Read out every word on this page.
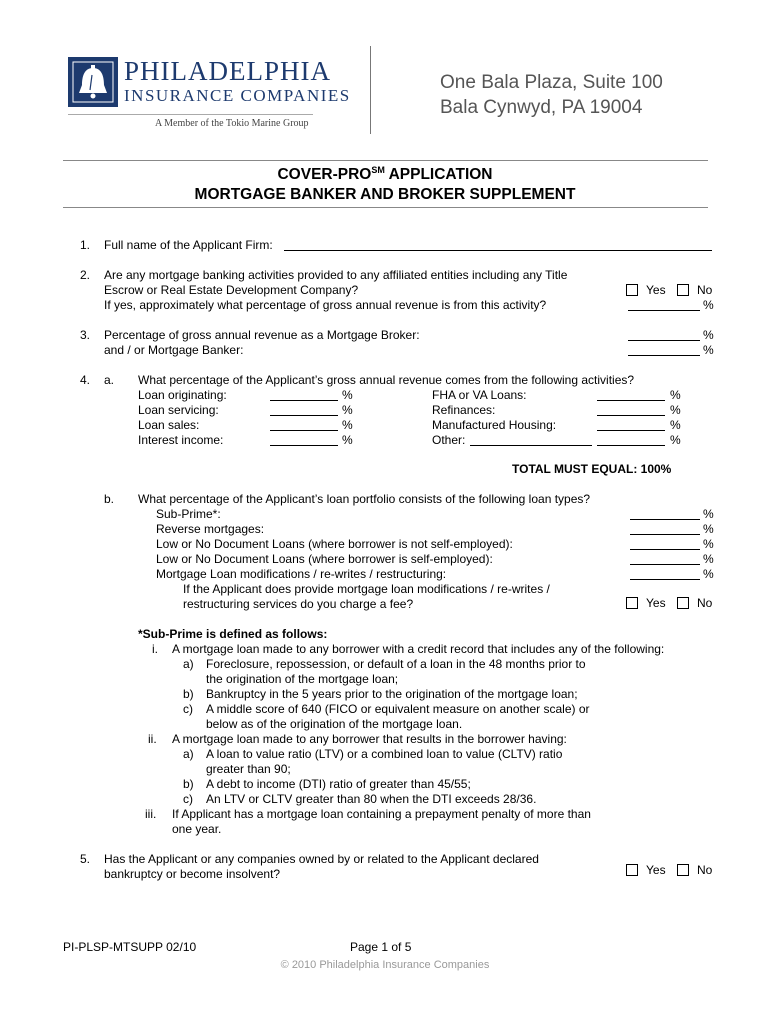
PHILADELPHIA
INSURANCE COMPANIES
A Member of the Tokio Marine Group
One Bala Plaza, Suite 100
Bala Cynwyd, PA 19004
COVER-PRO℠ APPLICATION
MORTGAGE BANKER AND BROKER SUPPLEMENT
1. Full name of the Applicant Firm:
2. Are any mortgage banking activities provided to any affiliated entities including any Title
Escrow or Real Estate Development Company?
If yes, approximately what percentage of gross annual revenue is from this activity?
Yes	No
%
3. Percentage of gross annual revenue as a Mortgage Broker:
and / or Mortgage Banker:
%
%
4. a. What percentage of the Applicant’s gross annual revenue comes from the following activities?
Loan originating:	%
Loan servicing:	%
Loan sales:	%
Interest income:	%
FHA or VA Loans:	%
Refinances:	%
Manufactured Housing:	%
Other:	%
TOTAL MUST EQUAL: 100%
b. What percentage of the Applicant’s loan portfolio consists of the following loan types?
Sub-Prime*:	%
Reverse mortgages:	%
Low or No Document Loans (where borrower is not self-employed):	%
Low or No Document Loans (where borrower is self-employed):	%
Mortgage Loan modifications / re-writes / restructuring:	%
If the Applicant does provide mortgage loan modifications / re-writes /
restructuring services do you charge a fee?	Yes	No
*Sub-Prime is defined as follows:
i. A mortgage loan made to any borrower with a credit record that includes any of the following:
a) Foreclosure, repossession, or default of a loan in the 48 months prior to
the origination of the mortgage loan;
b) Bankruptcy in the 5 years prior to the origination of the mortgage loan;
c) A middle score of 640 (FICO or equivalent measure on another scale) or
below as of the origination of the mortgage loan.
ii. A mortgage loan made to any borrower that results in the borrower having:
a) A loan to value ratio (LTV) or a combined loan to value (CLTV) ratio
greater than 90;
b) A debt to income (DTI) ratio of greater than 45/55;
c) An LTV or CLTV greater than 80 when the DTI exceeds 28/36.
iii. If Applicant has a mortgage loan containing a prepayment penalty of more than
one year.
5. Has the Applicant or any companies owned by or related to the Applicant declared
bankruptcy or become insolvent?	Yes	No
PI-PLSP-MTSUPP 02/10	Page 1 of 5
© 2010 Philadelphia Insurance Companies
